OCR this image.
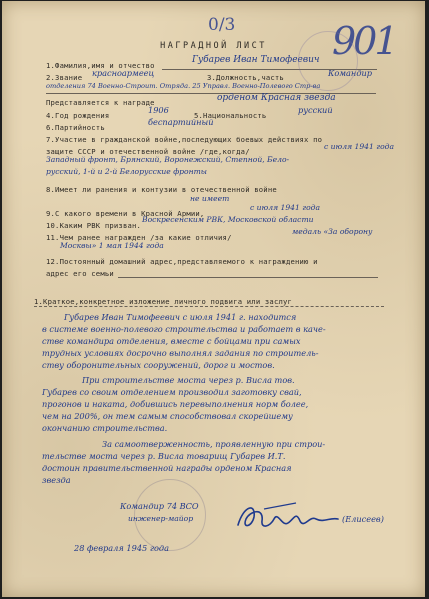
0/3	901
НАГРАДНОЙ ЛИСТ
1.Фамилия,имя и отчество
Губарев Иван Тимофеевич
2.Звание красноармеец	3.Должность,часть	Командир
отделения 74 Военно-Строит. Отряда. 25 Управл. Военно-Полевого Стр-ва
Представляется к награде	орденом Красная звезда
4.Год рождения
1906
5.Национальность
русский
6.Партийность
беспартийный
7.Участие в гражданской войне,последующих боевых действиях по
защите СССР и отечественной войне /где,когда/
с июля 1941 года
Западный фронт, Брянский, Воронежский, Степной, Бело-
русский, 1-й и 2-й Белорусские фронты
8.Имеет ли ранения и контузии в отечественной войне
не имеет
9.С какого времени в Красной Армии,
с июля 1941 года
10.Каким РВК призван.
Воскресенским РВК, Московской области
11.Чем ранее награжден /за какие отличия/
медаль «За оборону
Москвы» 1 мая 1944 года
12.Постоянный домашний адрес,представляемого к награждению и
адрес его семьи
1.Краткое,конкретное изложение личного подвига или заслуг
Губарев Иван Тимофеевич с июля 1941 г. находится
в системе военно-полевого строительства и работает в каче-
стве командира отделения, вместе с бойцами при самых
трудных условиях досрочно выполнял задания по строитель-
ству оборонительных сооружений, дорог и мостов.
При строительстве моста через р. Висла тов.
Губарев со своим отделением производил заготовку свай,
прогонов и наката, добившись перевыполнения норм более,
чем на 200%, он тем самым способствовал скорейшему
окончанию строительства.
За самоотверженность, проявленную при строи-
тельстве моста через р. Висла товарищ Губарев И.Т.
достоин правительственной награды орденом Красная
звезда
Командир 74 ВСО
инженер-майор	(Елисеев)
28 февраля 1945 года
